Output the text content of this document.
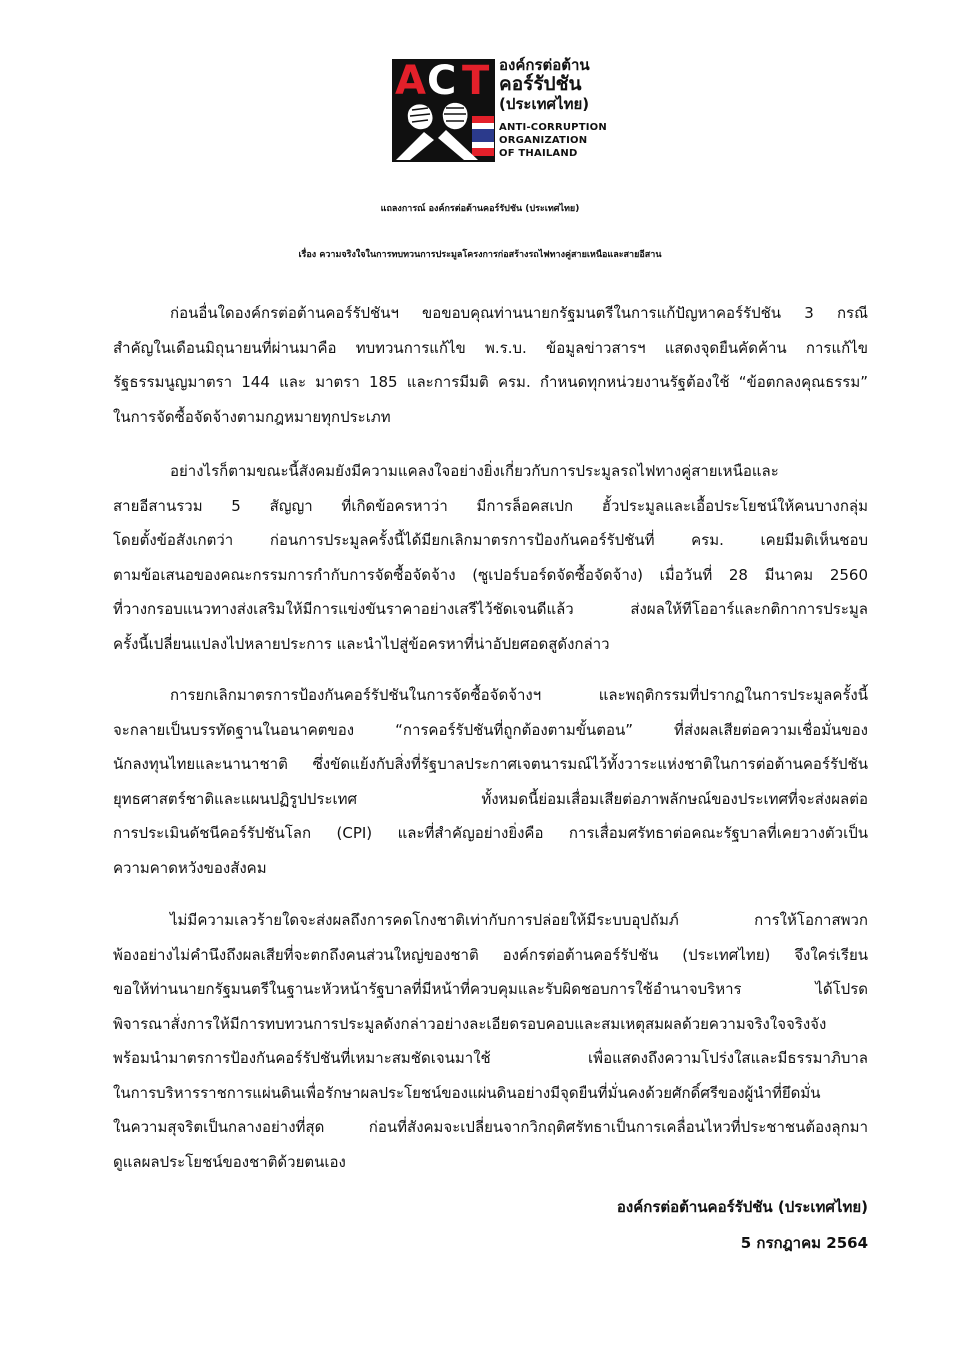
A C T องค์กรต่อต้าน
คอร์รัปชัน
(ประเทศไทย)
ANTI-CORRUPTION
ORGANIZATION
OF THAILAND
แถลงการณ์ องค์กรต่อต้านคอร์รัปชัน (ประเทศไทย)
เรื่อง ความจริงใจในการทบทวนการประมูลโครงการก่อสร้างรถไฟทางคู่สายเหนือและสายอีสาน
ก่อนอื่นใดองค์กรต่อต้านคอร์รัปชันฯ ขอขอบคุณท่านนายกรัฐมนตรีในการแก้ปัญหาคอร์รัปชัน 3 กรณี
สำคัญในเดือนมิถุนายนที่ผ่านมาคือ ทบทวนการแก้ไข พ.ร.บ. ข้อมูลข่าวสารฯ แสดงจุดยืนคัดค้าน การแก้ไข
รัฐธรรมนูญมาตรา 144 และ มาตรา 185 และการมีมติ ครม. กำหนดทุกหน่วยงานรัฐต้องใช้ “ข้อตกลงคุณธรรม”
ในการจัดซื้อจัดจ้างตามกฎหมายทุกประเภท
อย่างไรก็ตามขณะนี้สังคมยังมีความแคลงใจอย่างยิ่งเกี่ยวกับการประมูลรถไฟทางคู่สายเหนือและ
สายอีสานรวม 5 สัญญา ที่เกิดข้อครหาว่า มีการล็อคสเปก ฮั้วประมูลและเอื้อประโยชน์ให้คนบางกลุ่ม
โดยตั้งข้อสังเกตว่า ก่อนการประมูลครั้งนี้ได้มียกเลิกมาตรการป้องกันคอร์รัปชันที่ ครม. เคยมีมติเห็นชอบ
ตามข้อเสนอของคณะกรรมการกำกับการจัดซื้อจัดจ้าง (ซูเปอร์บอร์ดจัดซื้อจัดจ้าง) เมื่อวันที่ 28 มีนาคม 2560
ที่วางกรอบแนวทางส่งเสริมให้มีการแข่งขันราคาอย่างเสรีไว้ชัดเจนดีแล้ว ส่งผลให้ทีโออาร์และกติกาการประมูล
ครั้งนี้เปลี่ยนแปลงไปหลายประการ และนำไปสู่ข้อครหาที่น่าอัปยศอดสูดังกล่าว
การยกเลิกมาตรการป้องกันคอร์รัปชันในการจัดซื้อจัดจ้างฯ และพฤติกรรมที่ปรากฏในการประมูลครั้งนี้
จะกลายเป็นบรรทัดฐานในอนาคตของ “การคอร์รัปชันที่ถูกต้องตามขั้นตอน” ที่ส่งผลเสียต่อความเชื่อมั่นของ
นักลงทุนไทยและนานาชาติ ซึ่งขัดแย้งกับสิ่งที่รัฐบาลประกาศเจตนารมณ์ไว้ทั้งวาระแห่งชาติในการต่อต้านคอร์รัปชัน
ยุทธศาสตร์ชาติและแผนปฏิรูปประเทศ ทั้งหมดนี้ย่อมเสื่อมเสียต่อภาพลักษณ์ของประเทศที่จะส่งผลต่อ
การประเมินดัชนีคอร์รัปชันโลก (CPI) และที่สำคัญอย่างยิ่งคือ การเสื่อมศรัทธาต่อคณะรัฐบาลที่เคยวางตัวเป็น
ความคาดหวังของสังคม
ไม่มีความเลวร้ายใดจะส่งผลถึงการคดโกงชาติเท่ากับการปล่อยให้มีระบบอุปถัมภ์ การให้โอกาสพวก
พ้องอย่างไม่คำนึงถึงผลเสียที่จะตกถึงคนส่วนใหญ่ของชาติ องค์กรต่อต้านคอร์รัปชัน (ประเทศไทย) จึงใคร่เรียน
ขอให้ท่านนายกรัฐมนตรีในฐานะหัวหน้ารัฐบาลที่มีหน้าที่ควบคุมและรับผิดชอบการใช้อำนาจบริหาร ได้โปรด
พิจารณาสั่งการให้มีการทบทวนการประมูลดังกล่าวอย่างละเอียดรอบคอบและสมเหตุสมผลด้วยความจริงใจจริงจัง
พร้อมนำมาตรการป้องกันคอร์รัปชันที่เหมาะสมชัดเจนมาใช้ เพื่อแสดงถึงความโปร่งใสและมีธรรมาภิบาล
ในการบริหารราชการแผ่นดินเพื่อรักษาผลประโยชน์ของแผ่นดินอย่างมีจุดยืนที่มั่นคงด้วยศักดิ์ศรีของผู้นำที่ยึดมั่น
ในความสุจริตเป็นกลางอย่างที่สุด ก่อนที่สังคมจะเปลี่ยนจากวิกฤติศรัทธาเป็นการเคลื่อนไหวที่ประชาชนต้องลุกมา
ดูแลผลประโยชน์ของชาติด้วยตนเอง
องค์กรต่อต้านคอร์รัปชัน (ประเทศไทย)
5 กรกฎาคม 2564
